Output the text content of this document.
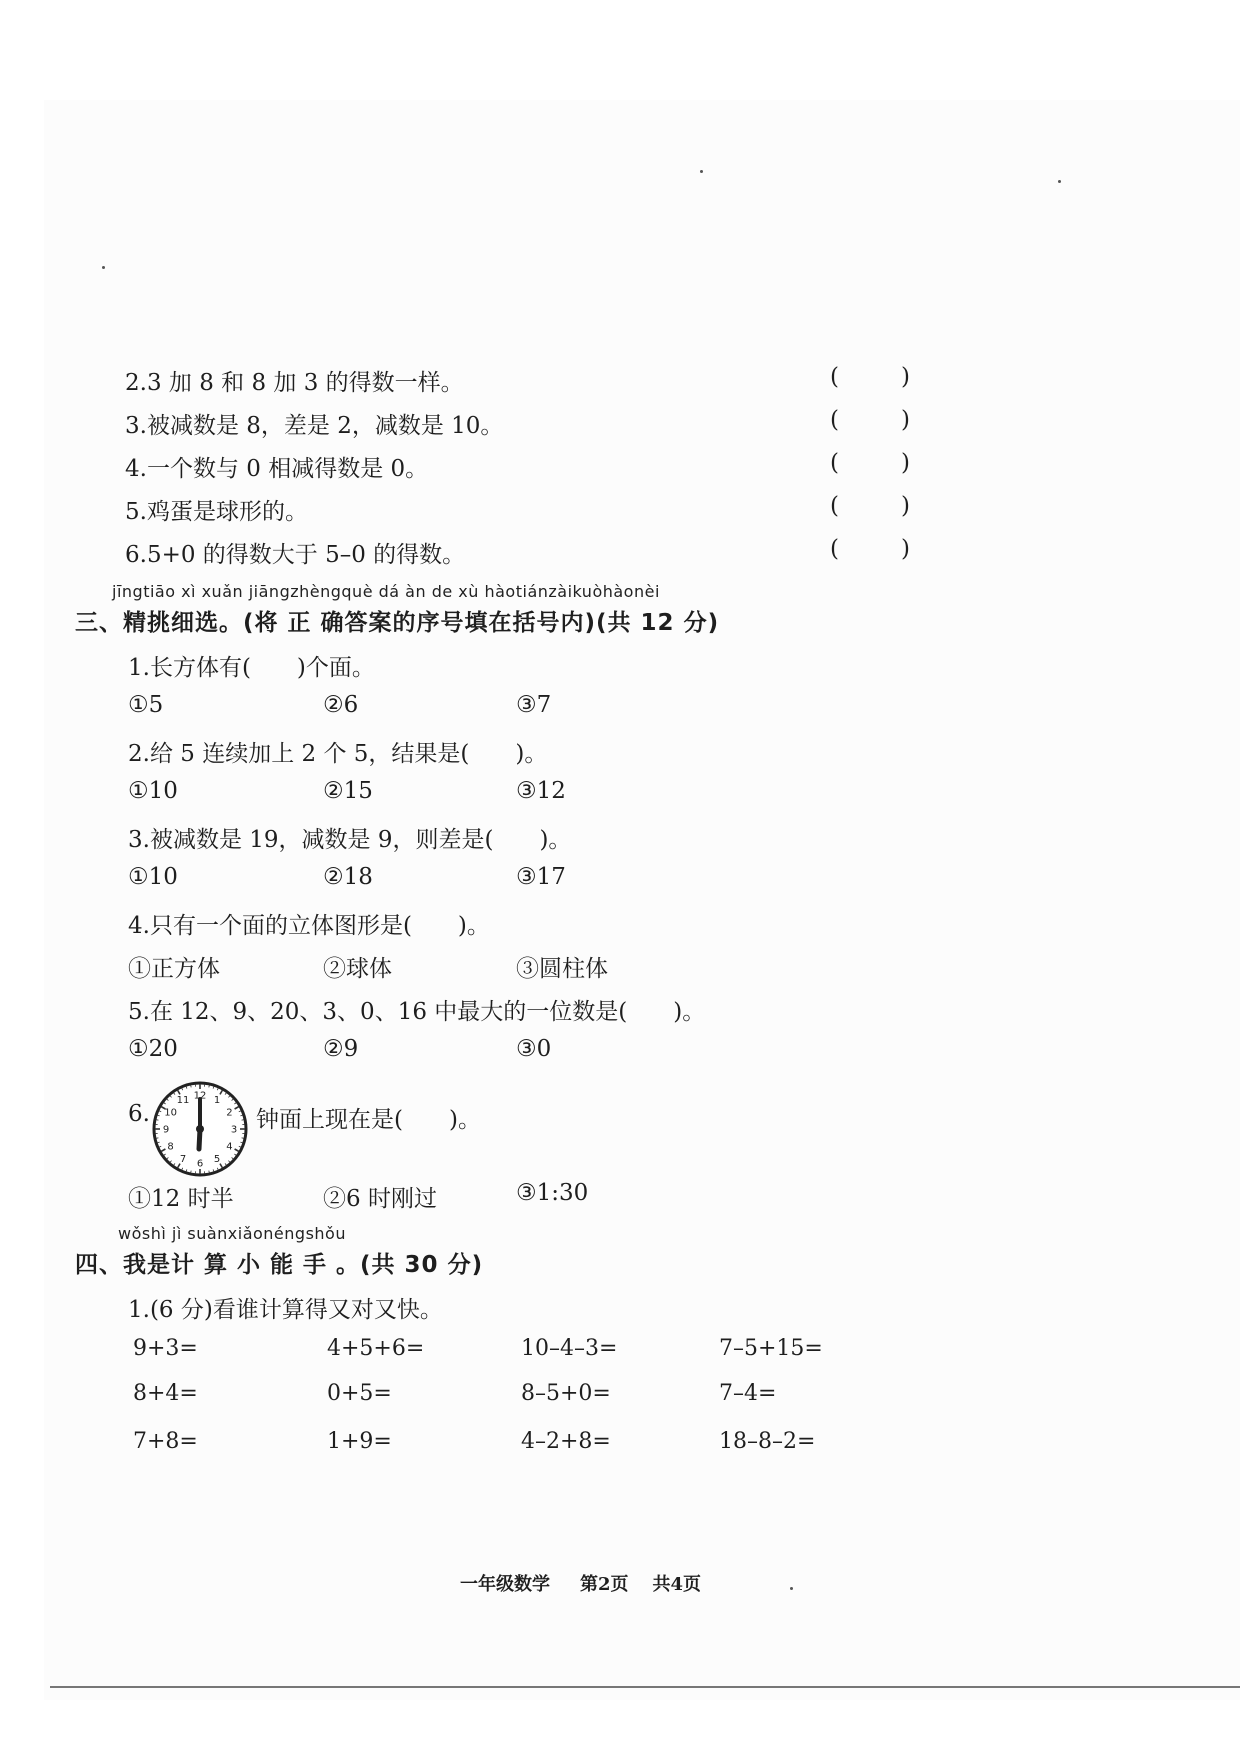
2.3 加 8 和 8 加 3 的得数一样。	(	)
3.被减数是 8，差是 2，减数是 10。	(	)
4.一个数与 0 相减得数是 0。	(	)
5.鸡蛋是球形的。	(	)
6.5+0 的得数大于 5–0 的得数。	(	)
jīngtiāo xì xuǎn jiāngzhèngquè dá àn de xù hàotiánzàikuòhàonèi
三、精挑细选。(将 正 确答案的序号填在括号内)(共 12 分)
1.长方体有(　　)个面。
①5	②6	③7
2.给 5 连续加上 2 个 5，结果是(　　)。
①10	②15	③12
3.被减数是 19，减数是 9，则差是(　　)。
①10	②18	③17
4.只有一个面的立体图形是(　　)。
①正方体	②球体	③圆柱体
5.在 12、9、20、3、0、16 中最大的一位数是(　　)。
①20	②9	③0
6.
12 1
2
3
4
5
6
7
8
9
10
11
钟面上现在是(　　)。
①12 时半	②6 时刚过	③1:30
wǒshì jì suànxiǎonéngshǒu
四、我是计 算 小 能 手 。(共 30 分)
1.(6 分)看谁计算得又对又快。
9+3=	4+5+6=	10–4–3=	7–5+15=
8+4=	0+5=	8–5+0=	7–4=
7+8=	1+9=	4–2+8=	18–8–2=
一年级数学 第2页 共4页
